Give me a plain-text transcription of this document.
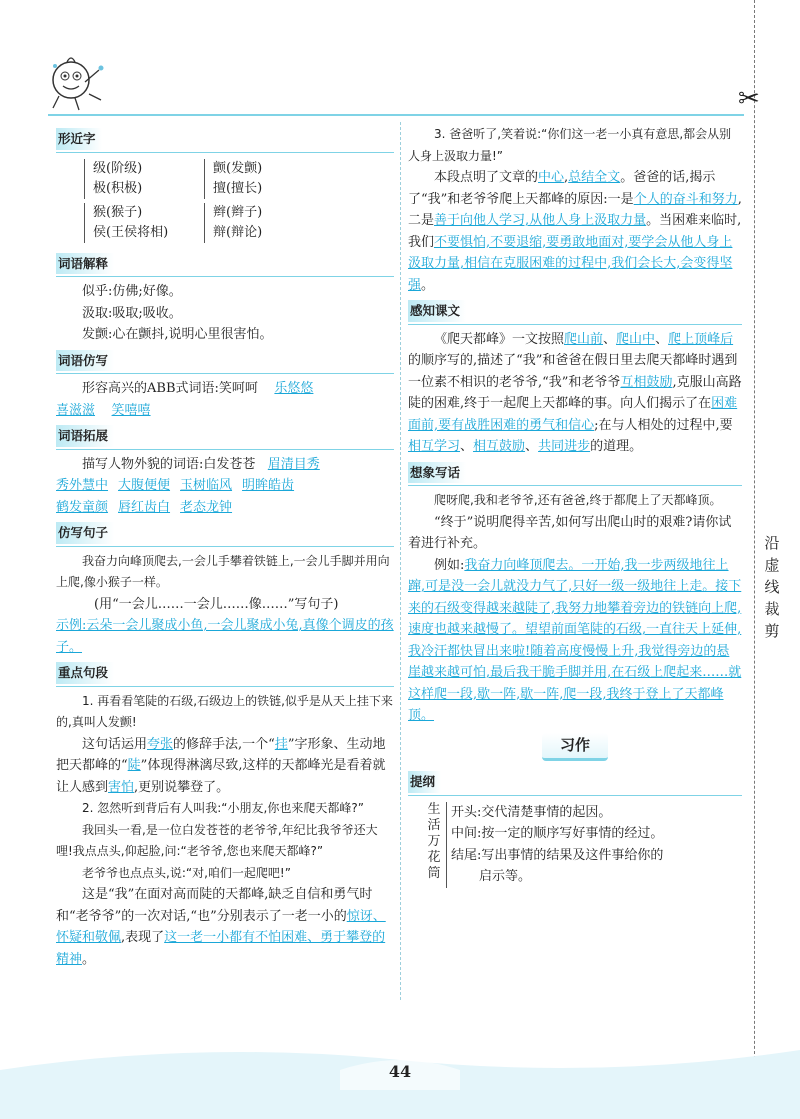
✂
沿虚线裁剪
形近字
级(阶级)
极(积极)
颤(发颤)
擅(擅长)
猴(猴子)
侯(王侯将相)
辫(辫子)
辩(辩论)
词语解释

似乎:仿佛;好像。

汲取:吸取;吸收。

发颤:心在颤抖,说明心里很害怕。

词语仿写

形容高兴的ABB式词语:笑呵呵 乐悠悠

喜滋滋 笑嘻嘻

词语拓展

描写人物外貌的词语:白发苍苍 眉清目秀

秀外慧中 大腹便便 玉树临风 明眸皓齿
鹤发童颜 唇红齿白 老态龙钟
仿写句子

我奋力向峰顶爬去,一会儿手攀着铁链上,一会儿手脚并用向上爬,像小猴子一样。

(用“一会儿……一会儿……像……”写句子)

示例:云朵一会儿聚成小鱼,一会儿聚成小兔,真像个调皮的孩子。

重点句段

1. 再看看笔陡的石级,石级边上的铁链,似乎是从天上挂下来的,真叫人发颤!

这句话运用夸张的修辞手法,一个“挂”字形象、生动地把天都峰的“陡”体现得淋漓尽致,这样的天都峰光是看着就让人感到害怕,更别说攀登了。

2. 忽然听到背后有人叫我:“小朋友,你也来爬天都峰?”

我回头一看,是一位白发苍苍的老爷爷,年纪比我爷爷还大哩!我点点头,仰起脸,问:“老爷爷,您也来爬天都峰?”

老爷爷也点点头,说:“对,咱们一起爬吧!”

这是“我”在面对高而陡的天都峰,缺乏自信和勇气时和“老爷爷”的一次对话,“也”分别表示了一老一小的惊讶、怀疑和敬佩,表现了这一老一小都有不怕困难、勇于攀登的精神。

3. 爸爸听了,笑着说:“你们这一老一小真有意思,都会从别人身上汲取力量!”

本段点明了文章的中心,总结全文。爸爸的话,揭示了“我”和老爷爷爬上天都峰的原因:一是个人的奋斗和努力,二是善于向他人学习,从他人身上汲取力量。当困难来临时,我们不要惧怕,不要退缩,要勇敢地面对,要学会从他人身上汲取力量,相信在克服困难的过程中,我们会长大,会变得坚强。

感知课文

《爬天都峰》一文按照爬山前、爬山中、爬上顶峰后的顺序写的,描述了“我”和爸爸在假日里去爬天都峰时遇到一位素不相识的老爷爷,“我”和老爷爷互相鼓励,克服山高路陡的困难,终于一起爬上天都峰的事。向人们揭示了在困难面前,要有战胜困难的勇气和信心;在与人相处的过程中,要相互学习、相互鼓励、共同进步的道理。

想象写话

爬呀爬,我和老爷爷,还有爸爸,终于都爬上了天都峰顶。

“终于”说明爬得辛苦,如何写出爬山时的艰难?请你试着进行补充。

例如:我奋力向峰顶爬去。一开始,我一步两级地往上蹿,可是没一会儿就没力气了,只好一级一级地往上走。接下来的石级变得越来越陡了,我努力地攀着旁边的铁链向上爬,速度也越来越慢了。望望前面笔陡的石级,一直往天上延伸,我冷汗都快冒出来啦!随着高度慢慢上升,我觉得旁边的悬崖越来越可怕,最后我干脆手脚并用,在石级上爬起来……就这样爬一段,歇一阵,歇一阵,爬一段,我终于登上了天都峰顶。

习作
提纲
生活万花筒

开头:交代清楚事情的起因。

中间:按一定的顺序写好事情的经过。

结尾:写出事情的结果及这件事给你的

启示等。

44
